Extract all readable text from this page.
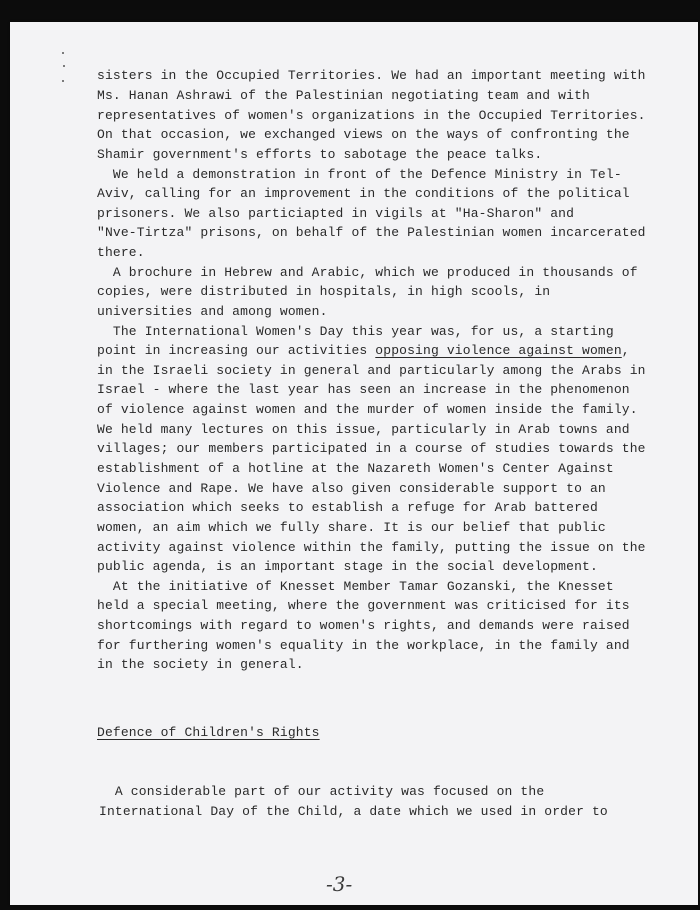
sisters in the Occupied Territories. We had an important meeting with
Ms. Hanan Ashrawi of the Palestinian negotiating team and with
representatives of women's organizations in the Occupied Territories.
On that occasion, we exchanged views on the ways of confronting the
Shamir government's efforts to sabotage the peace talks.
We held a demonstration in front of the Defence Ministry in Tel-
Aviv, calling for an improvement in the conditions of the political
prisoners. We also particiapted in vigils at "Ha-Sharon" and
"Nve-Tirtza" prisons, on behalf of the Palestinian women incarcerated
there.
A brochure in Hebrew and Arabic, which we produced in thousands of
copies, were distributed in hospitals, in high scools, in
universities and among women.
The International Women's Day this year was, for us, a starting
point in increasing our activities opposing violence against women,
in the Israeli society in general and particularly among the Arabs in
Israel - where the last year has seen an increase in the phenomenon
of violence against women and the murder of women inside the family.
We held many lectures on this issue, particularly in Arab towns and
villages; our members participated in a course of studies towards the
establishment of a hotline at the Nazareth Women's Center Against
Violence and Rape. We have also given considerable support to an
association which seeks to establish a refuge for Arab battered
women, an aim which we fully share. It is our belief that public
activity against violence within the family, putting the issue on the
public agenda, is an important stage in the social development.
At the initiative of Knesset Member Tamar Gozanski, the Knesset
held a special meeting, where the government was criticised for its
shortcomings with regard to women's rights, and demands were raised
for furthering women's equality in the workplace, in the family and
in the society in general.
Defence of Children's Rights
A considerable part of our activity was focused on the
International Day of the Child, a date which we used in order to
-3-
